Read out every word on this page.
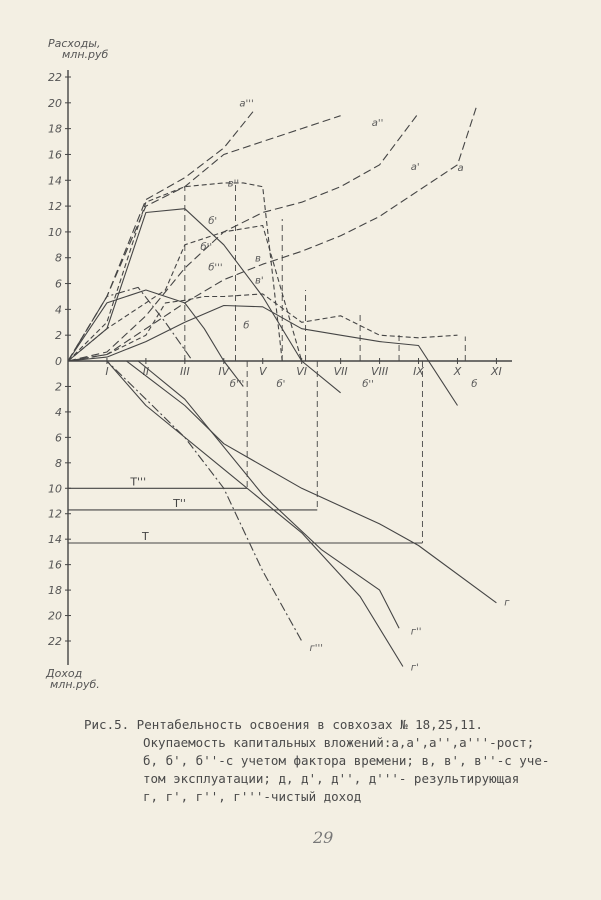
Расходы,
млн.руб
Доход
млн.руб.
2
4
6
8
10
12
14
16
18
20
22
0
2
4
6
8
10
12
14
16
18
20
22
I	II	III	IV	V	VI VII VIII IX	X	XI
T'''
T''
T
б'''	б'	б''	б
а
а'
а''
а'''
б
б'
б''
б'''
в
в'
в''
г
г'
г''
г'''
Рис.5. Рентабельность освоения в совхозах № 18,25,11.
Окупаемость капитальных вложений:а,а',а'',а'''-рост;
б, б', б''-с учетом фактора времени; в, в', в''-с уче-
том эксплуатации; д, д', д'', д'''- результирующая
г, г', г'', г'''-чистый доход
29
